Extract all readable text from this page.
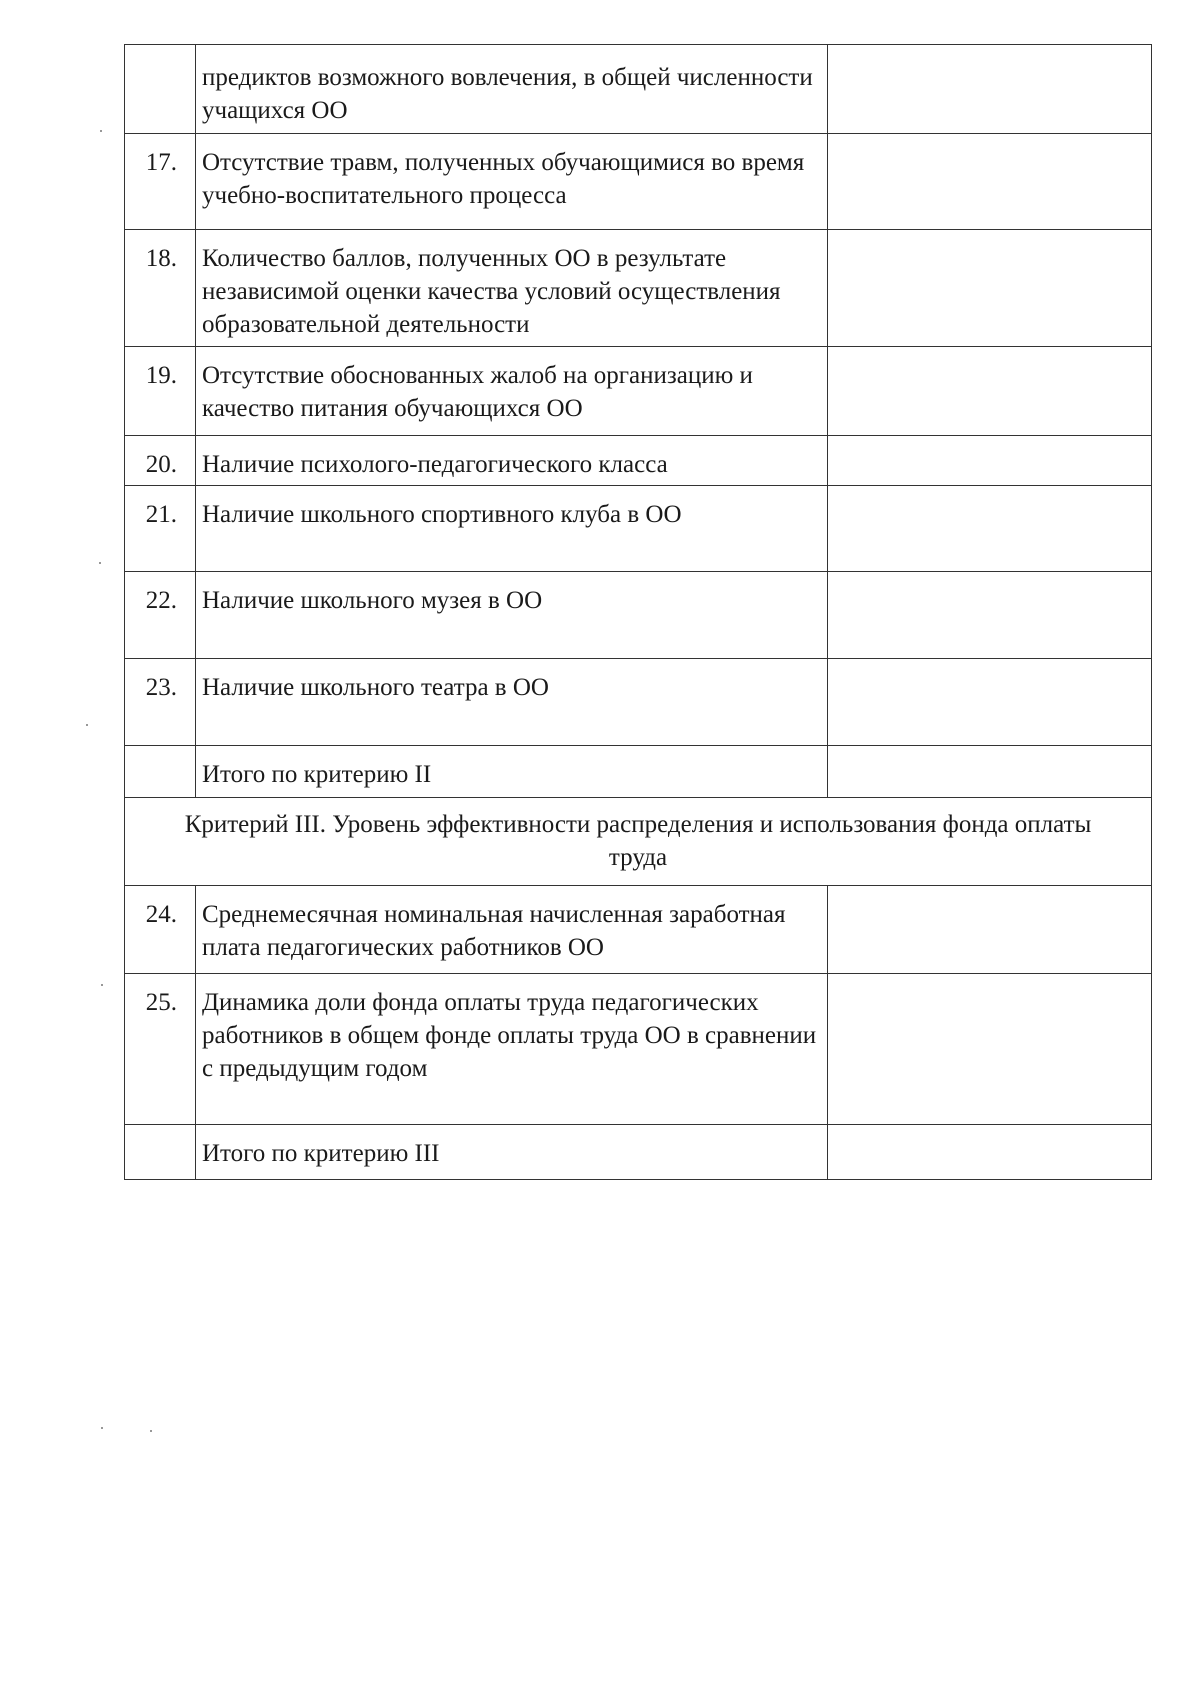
	предиктов возможного вовлечения, в общей численности учащихся ОО	
17.	Отсутствие травм, полученных обучающимися во время учебно-воспитательного процесса	
18.	Количество баллов, полученных ОО в результате независимой оценки качества условий осуществления образовательной деятельности	
19.	Отсутствие обоснованных жалоб на организацию и качество питания обучающихся ОО	
20.	Наличие психолого-педагогического класса	
21.	Наличие школьного спортивного клуба в ОО	
22.	Наличие школьного музея в ОО	
23.	Наличие школьного театра в ОО	
	Итого по критерию II	
Критерий III. Уровень эффективности распределения и использования фонда оплаты труда		
24.	Среднемесячная номинальная начисленная заработная плата педагогических работников ОО	
25.	Динамика доли фонда оплаты труда педагогических работников в общем фонде оплаты труда ОО в сравнении с предыдущим годом	
	Итого по критерию III	
